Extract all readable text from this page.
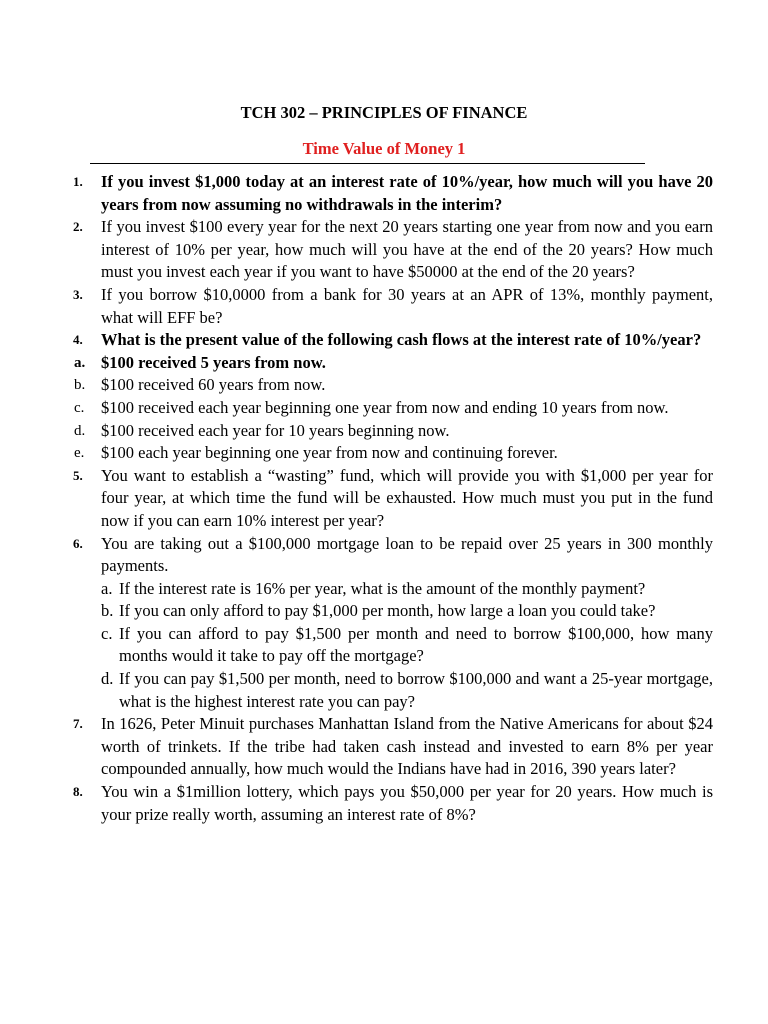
TCH 302 – PRINCIPLES OF FINANCE
Time Value of Money 1
1. If you invest $1,000 today at an interest rate of 10%/year, how much will you have 20 years from now assuming no withdrawals in the interim?
2. If you invest $100 every year for the next 20 years starting one year from now and you earn interest of 10% per year, how much will you have at the end of the 20 years? How much must you invest each year if you want to have $50000 at the end of the 20 years?
3. If you borrow $10,0000 from a bank for 30 years at an APR of 13%, monthly payment, what will EFF be?
4. What is the present value of the following cash flows at the interest rate of 10%/year?
a. $100 received 5 years from now.
b. $100 received 60 years from now.
c. $100 received each year beginning one year from now and ending 10 years from now.
d. $100 received each year for 10 years beginning now.
e. $100 each year beginning one year from now and continuing forever.
5. You want to establish a “wasting” fund, which will provide you with $1,000 per year for four year, at which time the fund will be exhausted. How much must you put in the fund now if you can earn 10% interest per year?
6. You are taking out a $100,000 mortgage loan to be repaid over 25 years in 300 monthly payments.
a. If the interest rate is 16% per year, what is the amount of the monthly payment?
b. If you can only afford to pay $1,000 per month, how large a loan you could take?
c. If you can afford to pay $1,500 per month and need to borrow $100,000, how many months would it take to pay off the mortgage?
d. If you can pay $1,500 per month, need to borrow $100,000 and want a 25-year mortgage, what is the highest interest rate you can pay?
7. In 1626, Peter Minuit purchases Manhattan Island from the Native Americans for about $24 worth of trinkets. If the tribe had taken cash instead and invested to earn 8% per year compounded annually, how much would the Indians have had in 2016, 390 years later?
8. You win a $1million lottery, which pays you $50,000 per year for 20 years. How much is your prize really worth, assuming an interest rate of 8%?
